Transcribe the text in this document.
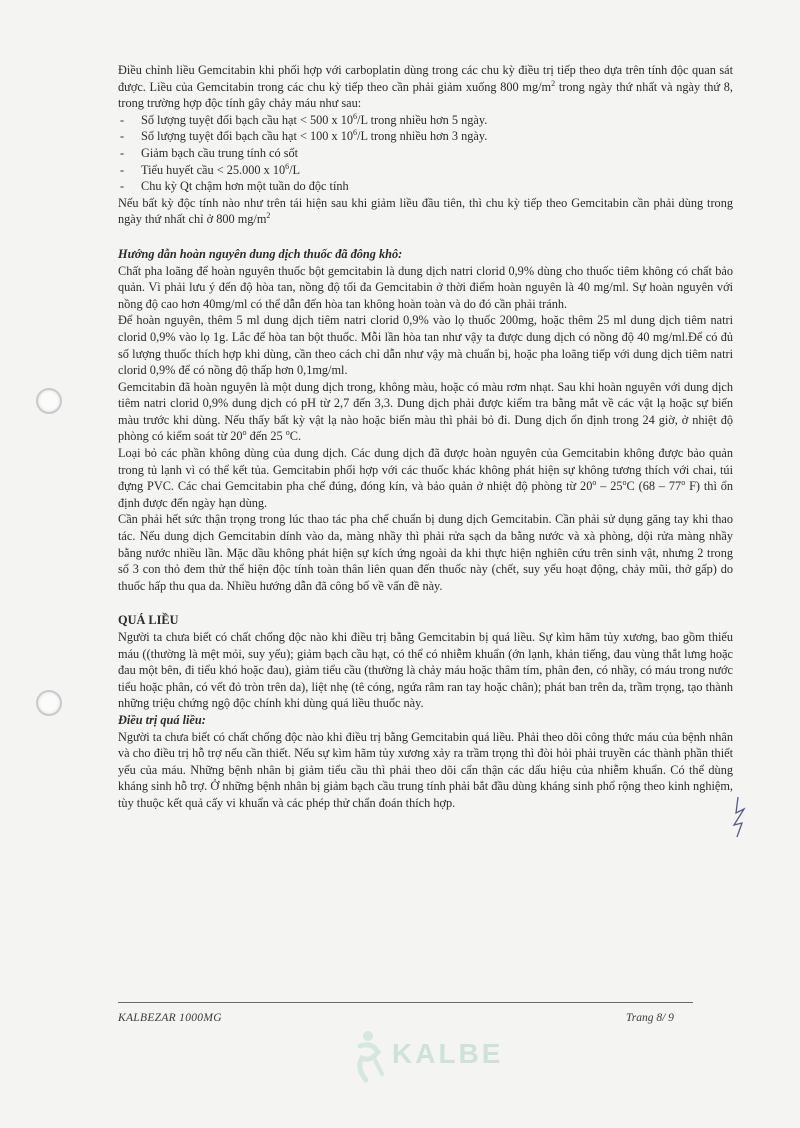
Điều chỉnh liều Gemcitabin khi phối hợp với carboplatin dùng trong các chu kỳ điều trị tiếp theo dựa trên tính độc quan sát được. Liều của Gemcitabin trong các chu kỳ tiếp theo cần phải giảm xuống 800 $mg/m^2$ trong ngày thứ nhất và ngày thứ 8, trong trường hợp độc tính gây chảy máu như sau:

- Số lượng tuyệt đối bạch cầu hạt < 500 x $10^6/L$ trong nhiều hơn 5 ngày.
- Số lượng tuyệt đối bạch cầu hạt < 100 x $10^6/L$ trong nhiều hơn 3 ngày.
- Giảm bạch cầu trung tính có sốt
- Tiểu huyết cầu < 25.000 x $10^6/L$
- Chu kỳ Qt chậm hơn một tuần do độc tính

Nếu bất kỳ độc tính nào như trên tái hiện sau khi giảm liều đầu tiên, thì chu kỳ tiếp theo Gemcitabin cần phải dùng trong ngày thứ nhất chỉ ở 800 $mg/m^2$

Hướng dẫn hoàn nguyên dung dịch thuốc đã đông khô:

Chất pha loãng để hoàn nguyên thuốc bột gemcitabin là dung dịch natri clorid 0,9% dùng cho thuốc tiêm không có chất bảo quản. Vì phải lưu ý đến độ hòa tan, nồng độ tối đa Gemcitabin ở thời điểm hoàn nguyên là 40 mg/ml. Sự hoàn nguyên với nồng độ cao hơn 40mg/ml có thể dẫn đến hòa tan không hoàn toàn và do đó cần phải tránh.

Để hoàn nguyên, thêm 5 ml dung dịch tiêm natri clorid 0,9% vào lọ thuốc 200mg, hoặc thêm 25 ml dung dịch tiêm natri clorid 0,9% vào lọ 1g. Lắc để hòa tan bột thuốc. Mỗi lần hòa tan như vậy ta được dung dịch có nồng độ 40 mg/ml.Để có đủ số lượng thuốc thích hợp khi dùng, cần theo cách chỉ dẫn như vậy mà chuẩn bị, hoặc pha loãng tiếp với dung dịch tiêm natri clorid 0,9% để có nồng độ thấp hơn 0,1mg/ml.

Gemcitabin đã hoàn nguyên là một dung dịch trong, không màu, hoặc có màu rơm nhạt. Sau khi hoàn nguyên với dung dịch tiêm natri clorid 0,9% dung dịch có pH từ 2,7 đến 3,3. Dung dịch phải được kiểm tra bằng mắt về các vật lạ hoặc sự biến màu trước khi dùng. Nếu thấy bất kỳ vật lạ nào hoặc biến màu thì phải bỏ đi. Dung dịch ổn định trong 24 giờ, ở nhiệt độ phòng có kiểm soát từ 20$^o$ đến 25 $^o$C.

Loại bỏ các phần không dùng của dung dịch. Các dung dịch đã được hoàn nguyên của Gemcitabin không được bảo quản trong tủ lạnh vì có thể kết tủa. Gemcitabin phối hợp với các thuốc khác không phát hiện sự không tương thích với chai, túi đựng PVC. Các chai Gemcitabin pha chế đúng, đóng kín, và bảo quản ở nhiệt độ phòng từ 20$^o$ – 25$^o$C (68 – 77$^o$ F) thì ổn định được đến ngày hạn dùng.

Cần phải hết sức thận trọng trong lúc thao tác pha chế chuẩn bị dung dịch Gemcitabin. Cần phải sử dụng găng tay khi thao tác. Nếu dung dịch Gemcitabin dính vào da, màng nhầy thì phải rửa sạch da bằng nước và xà phòng, dội rửa màng nhầy bằng nước nhiều lần. Mặc dầu không phát hiện sự kích ứng ngoài da khi thực hiện nghiên cứu trên sinh vật, nhưng 2 trong số 3 con thỏ đem thử thể hiện độc tính toàn thân liên quan đến thuốc này (chết, suy yếu hoạt động, chảy mũi, thở gấp) do thuốc hấp thu qua da. Nhiều hướng dẫn đã công bố về vấn đề này.

QUÁ LIỀU

Người ta chưa biết có chất chống độc nào khi điều trị bằng Gemcitabin bị quá liều. Sự kìm hãm tủy xương, bao gồm thiếu máu ((thường là mệt mỏi, suy yếu); giảm bạch cầu hạt, có thể có nhiễm khuẩn (ớn lạnh, khản tiếng, đau vùng thắt lưng hoặc đau một bên, đi tiểu khó hoặc đau), giảm tiểu cầu (thường là chảy máu hoặc thâm tím, phân đen, có nhầy, có máu trong nước tiểu hoặc phân, có vết đỏ tròn trên da), liệt nhẹ (tê cóng, ngứa râm ran tay hoặc chân); phát ban trên da, trầm trọng, tạo thành những triệu chứng ngộ độc chính khi dùng quá liều thuốc này.

Điều trị quá liều:

Người ta chưa biết có chất chống độc nào khi điều trị bằng Gemcitabin quá liều. Phải theo dõi công thức máu của bệnh nhân và cho điều trị hỗ trợ nếu cần thiết. Nếu sự kìm hãm tủy xương xảy ra trầm trọng thì đòi hỏi phải truyền các thành phần thiết yếu của máu. Những bệnh nhân bị giảm tiểu cầu thì phải theo dõi cẩn thận các dấu hiệu của nhiễm khuẩn. Có thể dùng kháng sinh hỗ trợ. Ở những bệnh nhân bị giảm bạch cầu trung tính phải bắt đầu dùng kháng sinh phổ rộng theo kinh nghiệm, tùy thuộc kết quả cấy vi khuẩn và các phép thử chẩn đoán thích hợp.

KALBEZAR 1000MG	Trang 8/ 9
KALBE
